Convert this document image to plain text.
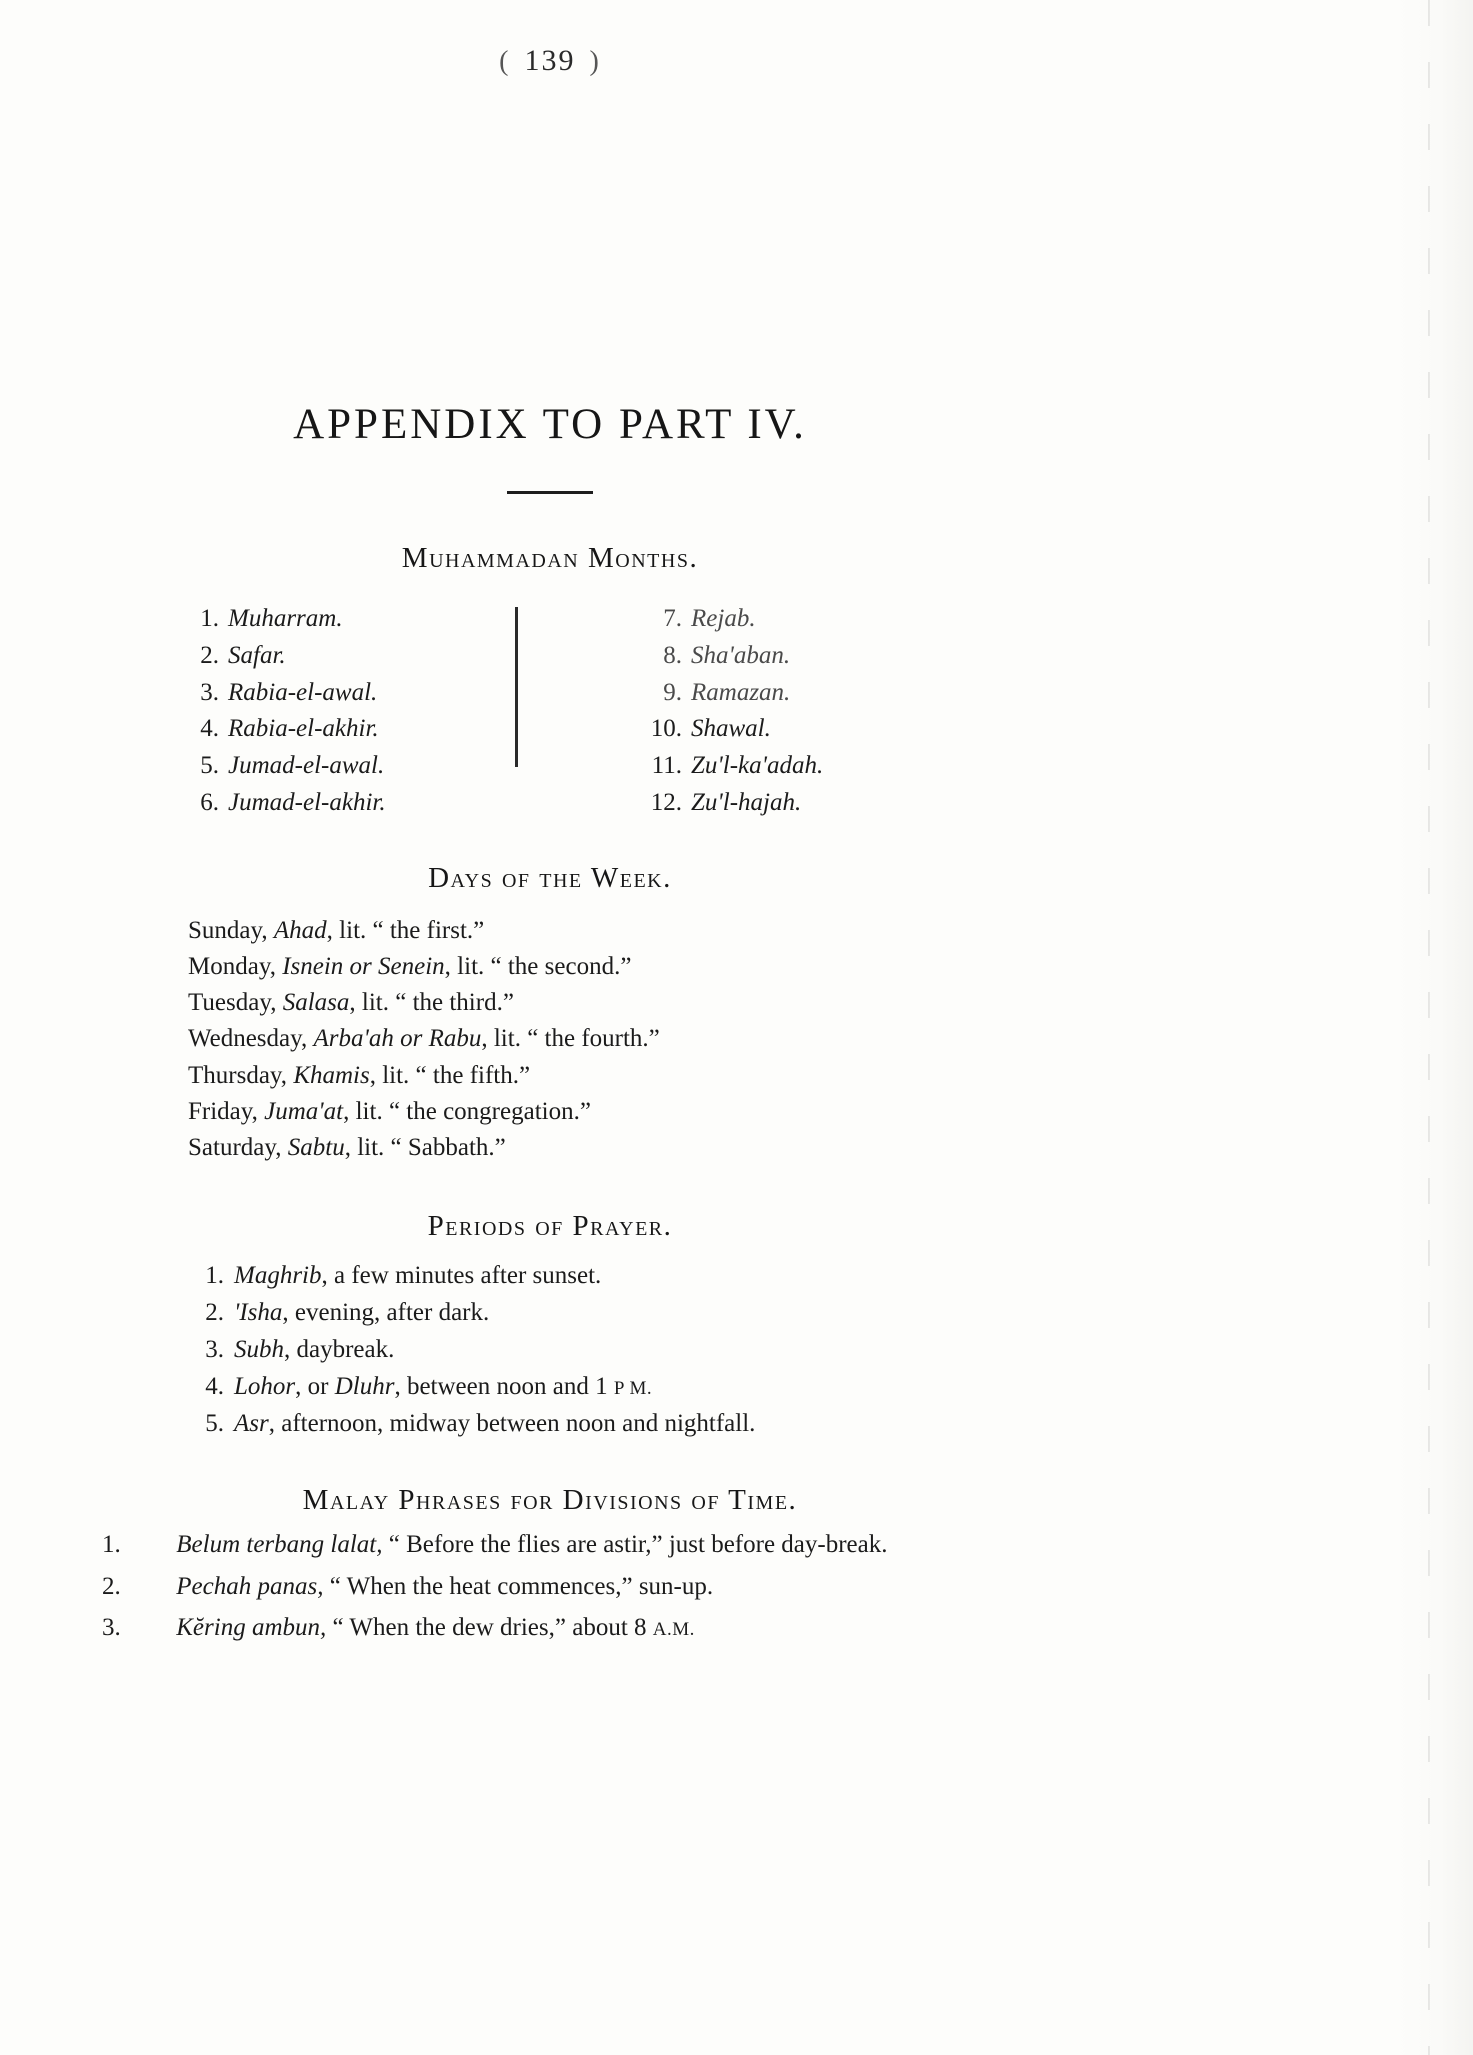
( 139 )
APPENDIX TO PART IV.
Muhammadan Months.
1. Muharram.
2. Safar.
3. Rabia-el-awal.
4. Rabia-el-akhir.
5. Jumad-el-awal.
6. Jumad-el-akhir.
7. Rejab.
8. Sha'aban.
9. Ramazan.
10. Shawal.
11. Zu'l-ka'adah.
12. Zu'l-hajah.
Days of the Week.
Sunday, Ahad, lit. “ the first.”
Monday, Isnein or Senein, lit. “ the second.”
Tuesday, Salasa, lit. “ the third.”
Wednesday, Arba'ah or Rabu, lit. “ the fourth.”
Thursday, Khamis, lit. “ the fifth.”
Friday, Juma'at, lit. “ the congregation.”
Saturday, Sabtu, lit. “ Sabbath.”
Periods of Prayer.
1. Maghrib, a few minutes after sunset.
2. 'Isha, evening, after dark.
3. Subh, daybreak.
4. Lohor, or Dluhr, between noon and 1 P M.
5. Asr, afternoon, midway between noon and nightfall.
Malay Phrases for Divisions of Time.
1. Belum terbang lalat, “ Before the flies are astir,” just before day-break.
2. Pechah panas, “ When the heat commences,” sun-up.
3. Kĕring ambun, “ When the dew dries,” about 8 A.M.
